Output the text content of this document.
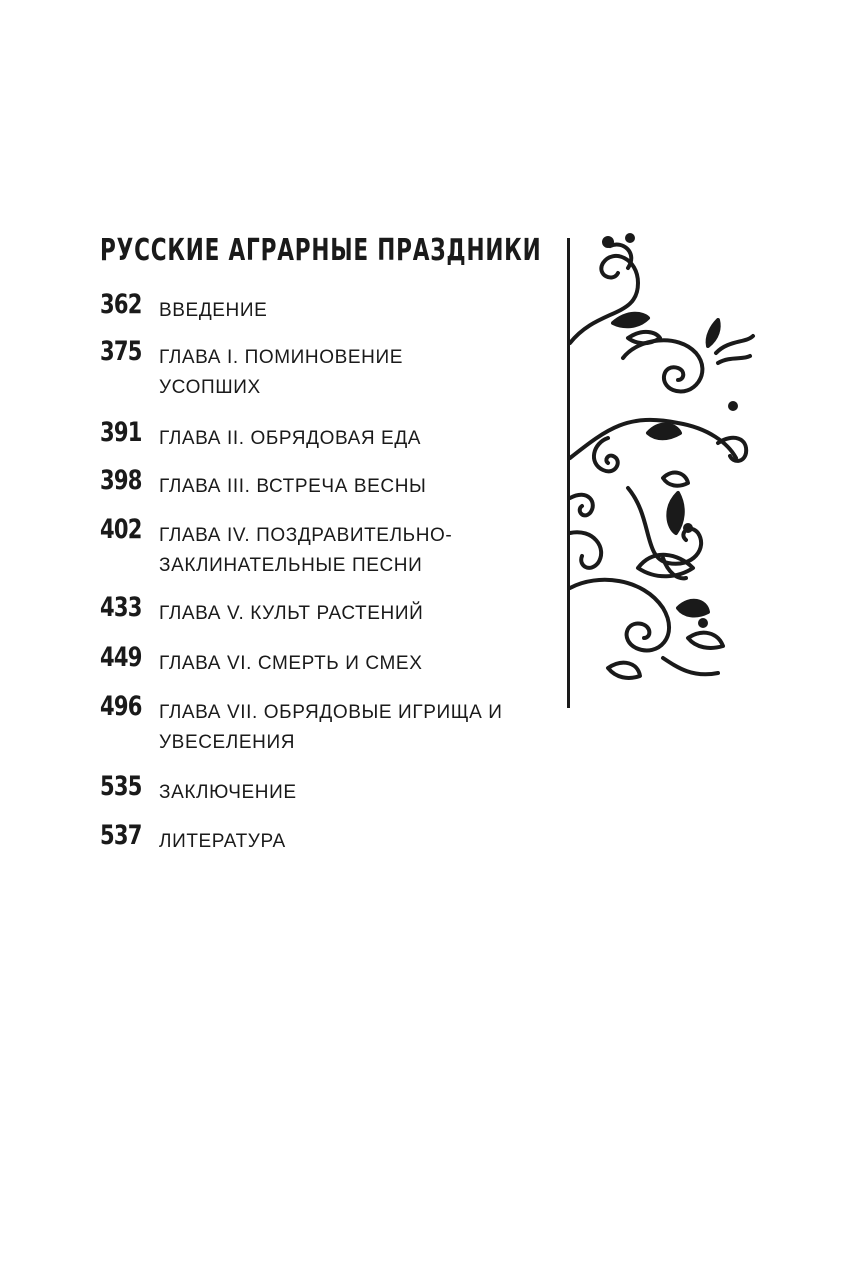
РУССКИЕ АГРАРНЫЕ ПРАЗДНИКИ
362 ВВЕДЕНИЕ
375 ГЛАВА I. ПОМИНОВЕНИЕ УСОПШИХ
391 ГЛАВА II. ОБРЯДОВАЯ ЕДА
398 ГЛАВА III. ВСТРЕЧА ВЕСНЫ
402 ГЛАВА IV. ПОЗДРАВИТЕЛЬНО-ЗАКЛИНАТЕЛЬНЫЕ ПЕСНИ
433 ГЛАВА V. КУЛЬТ РАСТЕНИЙ
449 ГЛАВА VI. СМЕРТЬ И СМЕХ
496 ГЛАВА VII. ОБРЯДОВЫЕ ИГРИЩА И УВЕСЕЛЕНИЯ
535 ЗАКЛЮЧЕНИЕ
537 ЛИТЕРАТУРА
